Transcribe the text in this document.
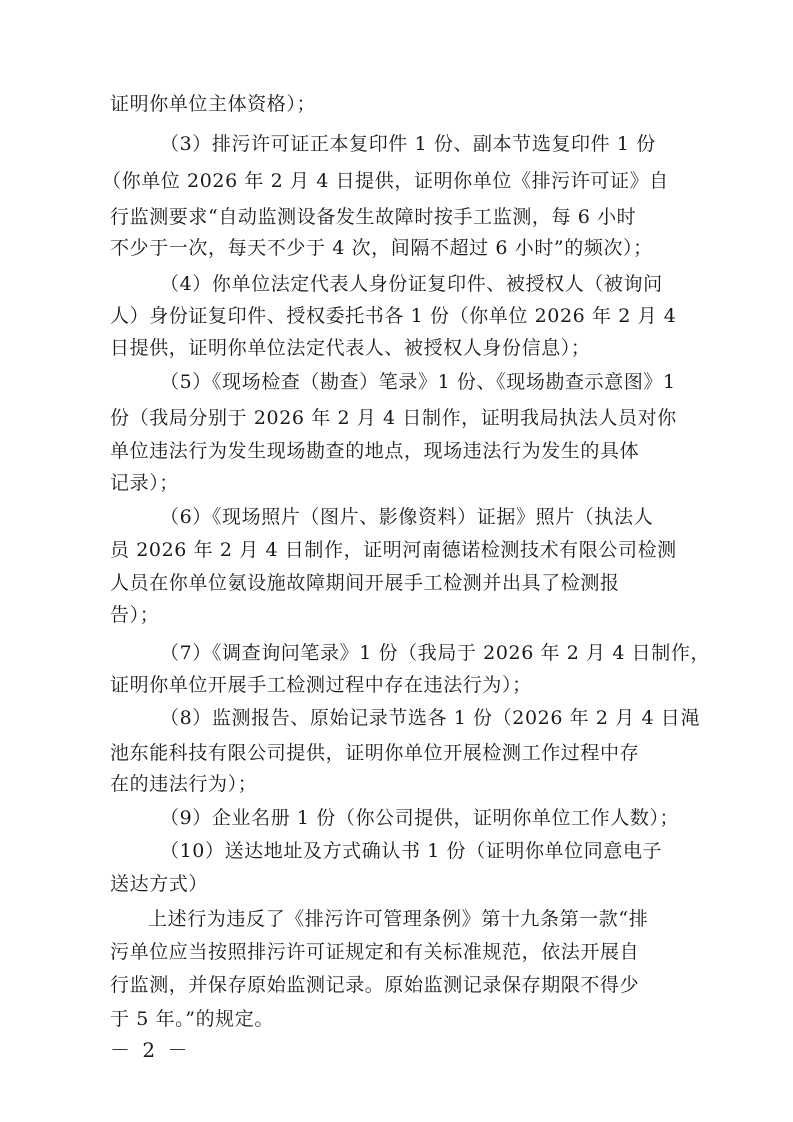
证明你单位主体资格）；
（3）排污许可证正本复印件 1 份、副本节选复印件 1 份
（你单位 2026 年 2 月 4 日提供，证明你单位《排污许可证》自
行监测要求“自动监测设备发生故障时按手工监测，每 6 小时
不少于一次，每天不少于 4 次，间隔不超过 6 小时”的频次）；
（4）你单位法定代表人身份证复印件、被授权人（被询问
人）身份证复印件、授权委托书各 1 份（你单位 2026 年 2 月 4
日提供，证明你单位法定代表人、被授权人身份信息）；
（5）《现场检查（勘查）笔录》1 份、《现场勘查示意图》1
份（我局分别于 2026 年 2 月 4 日制作，证明我局执法人员对你
单位违法行为发生现场勘查的地点，现场违法行为发生的具体
记录）；
（6）《现场照片（图片、影像资料）证据》照片（执法人
员 2026 年 2 月 4 日制作，证明河南德诺检测技术有限公司检测
人员在你单位氨设施故障期间开展手工检测并出具了检测报
告）；
（7）《调查询问笔录》1 份（我局于 2026 年 2 月 4 日制作，
证明你单位开展手工检测过程中存在违法行为）；
（8）监测报告、原始记录节选各 1 份（2026 年 2 月 4 日渑
池东能科技有限公司提供，证明你单位开展检测工作过程中存
在的违法行为）；
（9）企业名册 1 份（你公司提供，证明你单位工作人数）；
（10）送达地址及方式确认书 1 份（证明你单位同意电子
送达方式）
上述行为违反了《排污许可管理条例》第十九条第一款“排
污单位应当按照排污许可证规定和有关标准规范，依法开展自
行监测，并保存原始监测记录。原始监测记录保存期限不得少
于 5 年。”的规定。
－ 2 －
